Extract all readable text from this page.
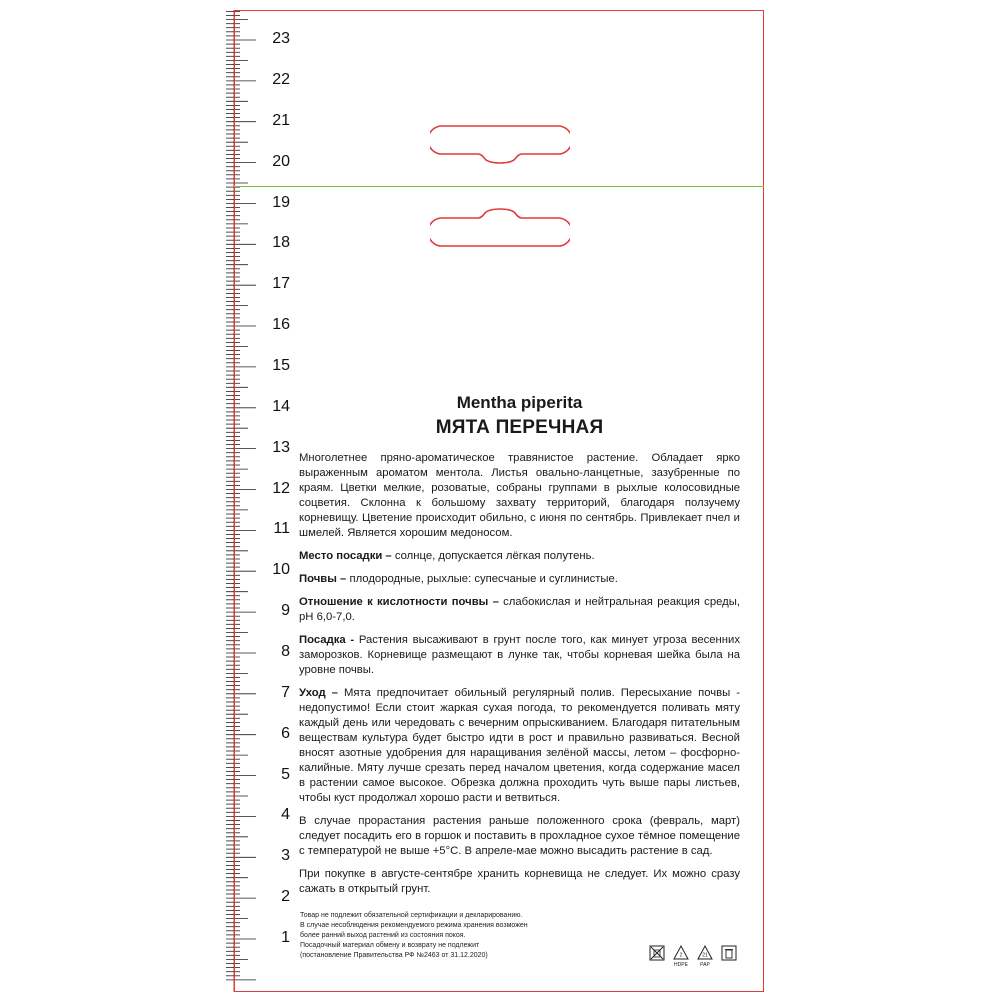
23
22
21
20
19
18
17
16
15
14
13
12
11
10
9
8
7
6
5
4
3
2
1
Mentha piperita
МЯТА ПЕРЕЧНАЯ

Многолетнее пряно-ароматическое травянистое растение. Обладает ярко выраженным ароматом ментола. Листья овально-ланцетные, зазубренные по краям. Цветки мелкие, розоватые, собраны группами в рыхлые колосовидные соцветия. Склонна к большому захвату территорий, благодаря ползучему корневищу. Цветение происходит обильно, с июня по сентябрь. Привлекает пчел и шмелей. Является хорошим медоносом.

Место посадки – солнце, допускается лёгкая полутень.

Почвы – плодородные, рыхлые: супесчаные и суглинистые.

Отношение к кислотности почвы – слабокислая и нейтральная реакция среды, pH 6,0-7,0.

Посадка - Растения высаживают в грунт после того, как минует угроза весенних заморозков. Корневище размещают в лунке так, чтобы корневая шейка была на уровне почвы.

Уход – Мята предпочитает обильный регулярный полив. Пересыхание почвы - недопустимо! Если стоит жаркая сухая погода, то рекомендуется поливать мяту каждый день или чередовать с вечерним опрыскиванием. Благодаря питательным веществам культура будет быстро идти в рост и правильно развиваться. Весной вносят азотные удобрения для наращивания зелёной массы, летом – фосфорно-калийные. Мяту лучше срезать перед началом цветения, когда содержание масел в растении самое высокое. Обрезка должна проходить чуть выше пары листьев, чтобы куст продолжал хорошо расти и ветвиться.

В случае прорастания растения раньше положенного срока (февраль, март) следует посадить его в горшок и поставить в прохладное сухое тёмное помещение с температурой не выше +5°С. В апреле-мае можно высадить растение в сад.

При покупке в августе-сентябре хранить корневища не следует. Их можно сразу сажать в открытый грунт.

Товар не подлежит обязательной сертификации и декларированию.
В случае несоблюдения рекомендуемого режима хранения возможен
более ранний выход растений из состояния покоя.
Посадочный материал обмену и возврату не подлежит
(постановление Правительства РФ №2463 от 31.12.2020)	2
HDPE
21
PAP
